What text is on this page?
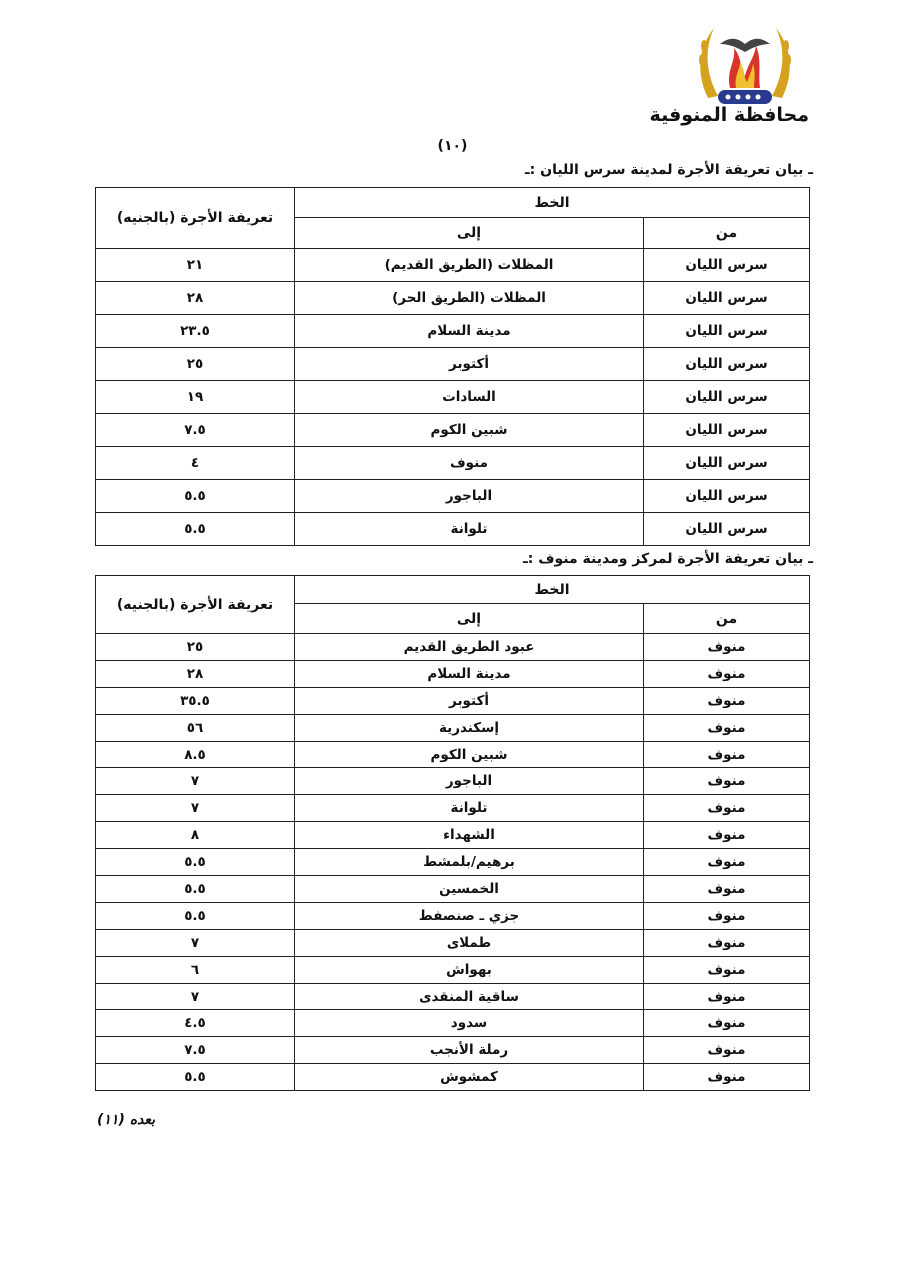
محافظة المنوفية
(١٠)
ـ بيان تعريفة الأجرة لمدينة سرس الليان :ـ
الخط		تعريفة الأجرة (بالجنيه)
من	إلى	
سرس الليان	المظلات (الطريق القديم)	٢١
سرس الليان	المظلات (الطريق الحر)	٢٨
سرس الليان	مدينة السلام	٢٣.٥
سرس الليان	أكتوبر	٢٥
سرس الليان	السادات	١٩
سرس الليان	شبين الكوم	٧.٥
سرس الليان	منوف	٤
سرس الليان	الباجور	٥.٥
سرس الليان	تلوانة	٥.٥
ـ بيان تعريفة الأجرة لمركز ومدينة منوف :ـ
الخط		تعريفة الأجرة (بالجنيه)
من	إلى	
منوف	عبود الطريق القديم	٢٥
منوف	مدينة السلام	٢٨
منوف	أكتوبر	٣٥.٥
منوف	إسكندرية	٥٦
منوف	شبين الكوم	٨.٥
منوف	الباجور	٧
منوف	تلوانة	٧
منوف	الشهداء	٨
منوف	برهيم/بلمشط	٥.٥
منوف	الخمسين	٥.٥
منوف	جزي ـ صنصفط	٥.٥
منوف	طملاى	٧
منوف	بهواش	٦
منوف	ساقية المنقدى	٧
منوف	سدود	٤.٥
منوف	رملة الأنجب	٧.٥
منوف	كمشوش	٥.٥
بعده (١١)
